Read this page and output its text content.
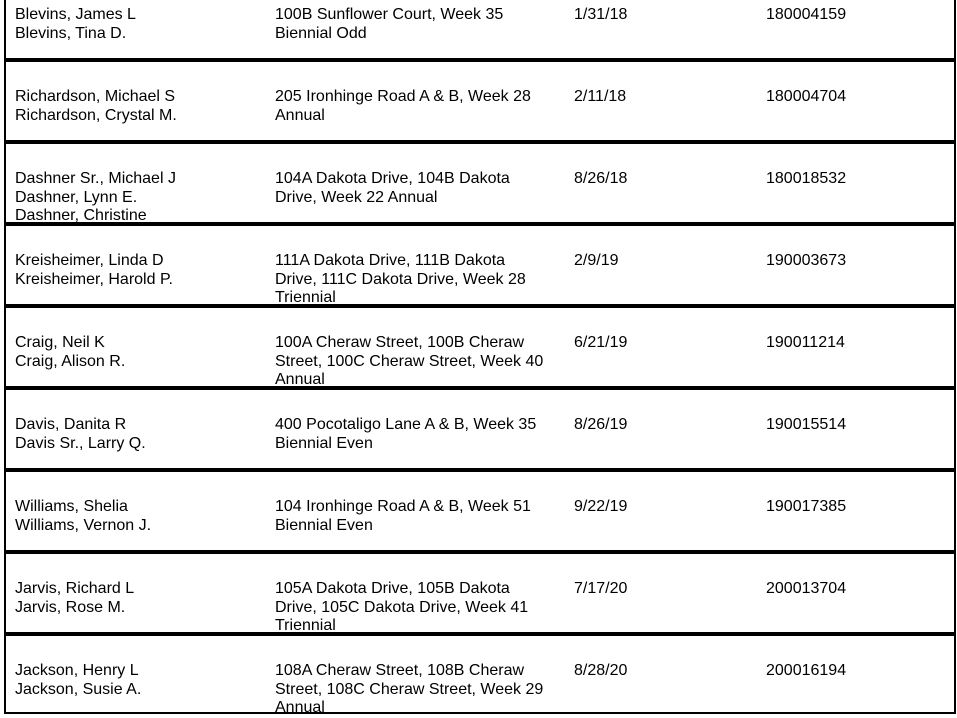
Blevins, James L
Blevins, Tina D.
100B Sunflower Court, Week 35
Biennial Odd
1/31/18	180004159
Richardson, Michael S
Richardson, Crystal M.
205 Ironhinge Road A & B, Week 28
Annual
2/11/18	180004704
Dashner Sr., Michael J
Dashner, Lynn E.
Dashner, Christine
104A Dakota Drive, 104B Dakota
Drive, Week 22 Annual
8/26/18	180018532
Kreisheimer, Linda D
Kreisheimer, Harold P.
111A Dakota Drive, 111B Dakota
Drive, 111C Dakota Drive, Week 28
Triennial
2/9/19	190003673
Craig, Neil K
Craig, Alison R.
100A Cheraw Street, 100B Cheraw
Street, 100C Cheraw Street, Week 40
Annual
6/21/19	190011214
Davis, Danita R
Davis Sr., Larry Q.
400 Pocotaligo Lane A & B, Week 35
Biennial Even
8/26/19	190015514
Williams, Shelia
Williams, Vernon J.
104 Ironhinge Road A & B, Week 51
Biennial Even
9/22/19	190017385
Jarvis, Richard L
Jarvis, Rose M.
105A Dakota Drive, 105B Dakota
Drive, 105C Dakota Drive, Week 41
Triennial
7/17/20	200013704
Jackson, Henry L
Jackson, Susie A.
108A Cheraw Street, 108B Cheraw
Street, 108C Cheraw Street, Week 29
Annual
8/28/20	200016194
